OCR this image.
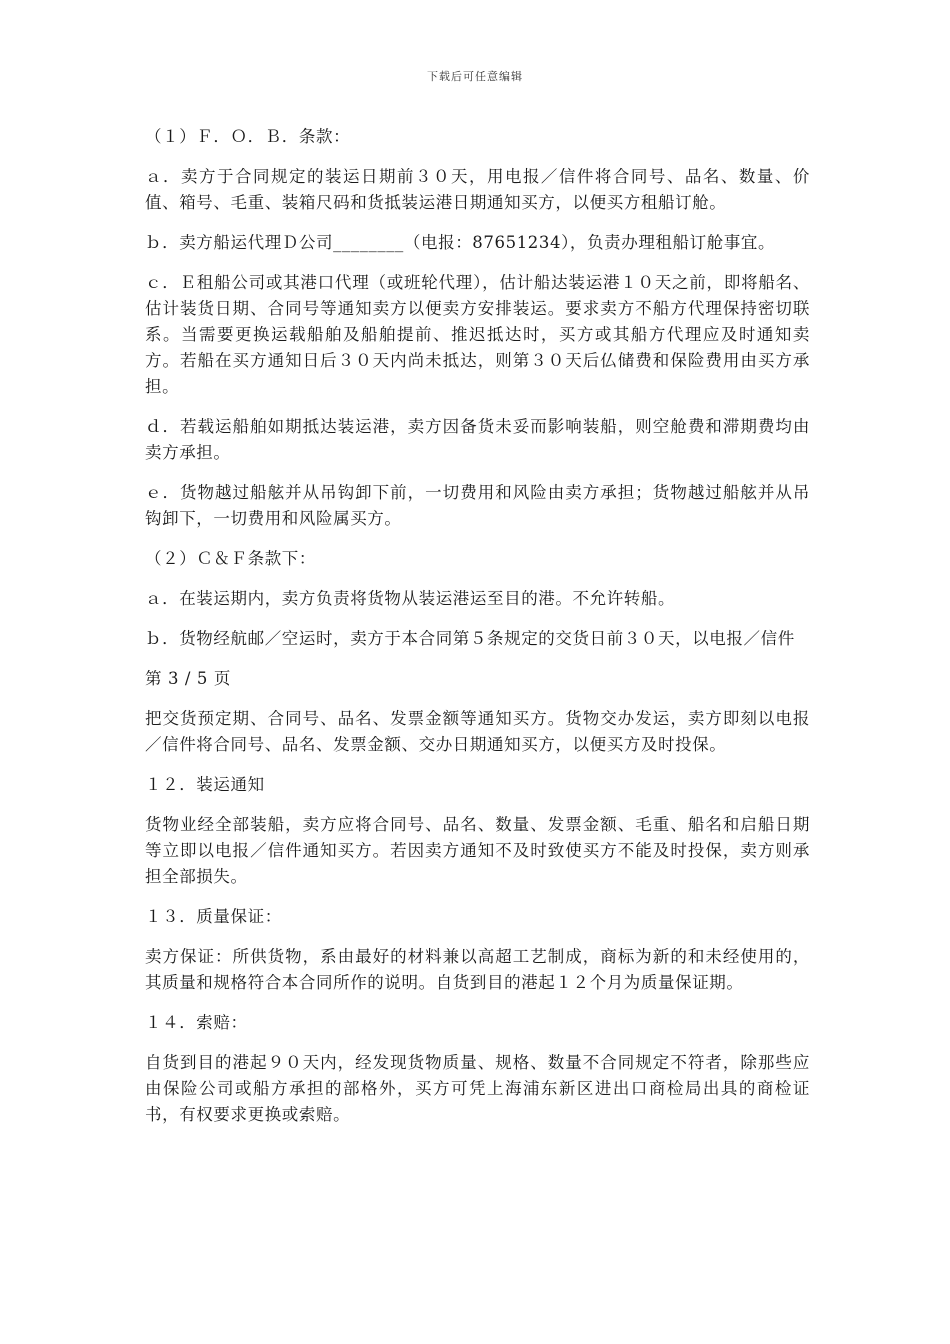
下载后可任意编辑

（１）Ｆ．Ｏ．Ｂ．条款：

ａ．卖方于合同规定的装运日期前３０天，用电报／信件将合同号、品名、数量、价值、箱号、毛重、装箱尺码和货抵装运港日期通知买方，以便买方租船订舱。

ｂ．卖方船运代理Ｄ公司________（电报：87651234），负责办理租船订舱事宜。

ｃ．Ｅ租船公司或其港口代理（或班轮代理），估计船达装运港１０天之前，即将船名、估计装货日期、合同号等通知卖方以便卖方安排装运。要求卖方不船方代理保持密切联系。当需要更换运载船舶及船舶提前、推迟抵达时，买方或其船方代理应及时通知卖方。若船在买方通知日后３０天内尚未抵达，则第３０天后仏储费和保险费用由买方承担。

ｄ．若载运船舶如期抵达装运港，卖方因备货未妥而影响装船，则空舱费和滞期费均由卖方承担。

ｅ．货物越过船舷并从吊钩卸下前，一切费用和风险由卖方承担；货物越过船舷并从吊钩卸下，一切费用和风险属买方。

（２）Ｃ＆Ｆ条款下：

ａ．在装运期内，卖方负责将货物从装运港运至目的港。不允许转船。

ｂ．货物经航邮／空运时，卖方于本合同第５条规定的交货日前３０天，以电报／信件

第 3 / 5 页

把交货预定期、合同号、品名、发票金额等通知买方。货物交办发运，卖方即刻以电报／信件将合同号、品名、发票金额、交办日期通知买方，以便买方及时投保。

１２．装运通知

货物业经全部装船，卖方应将合同号、品名、数量、发票金额、毛重、船名和启船日期等立即以电报／信件通知买方。若因卖方通知不及时致使买方不能及时投保，卖方则承担全部损失。

１３．质量保证：

卖方保证：所供货物，系由最好的材料兼以高超工艺制成，商标为新的和未经使用的，其质量和规格符合本合同所作的说明。自货到目的港起１２个月为质量保证期。

１４．索赔：

自货到目的港起９０天内，经发现货物质量、规格、数量不合同规定不符者，除那些应由保险公司或船方承担的部格外，买方可凭上海浦东新区进出口商检局出具的商检证书，有权要求更换或索赔。
